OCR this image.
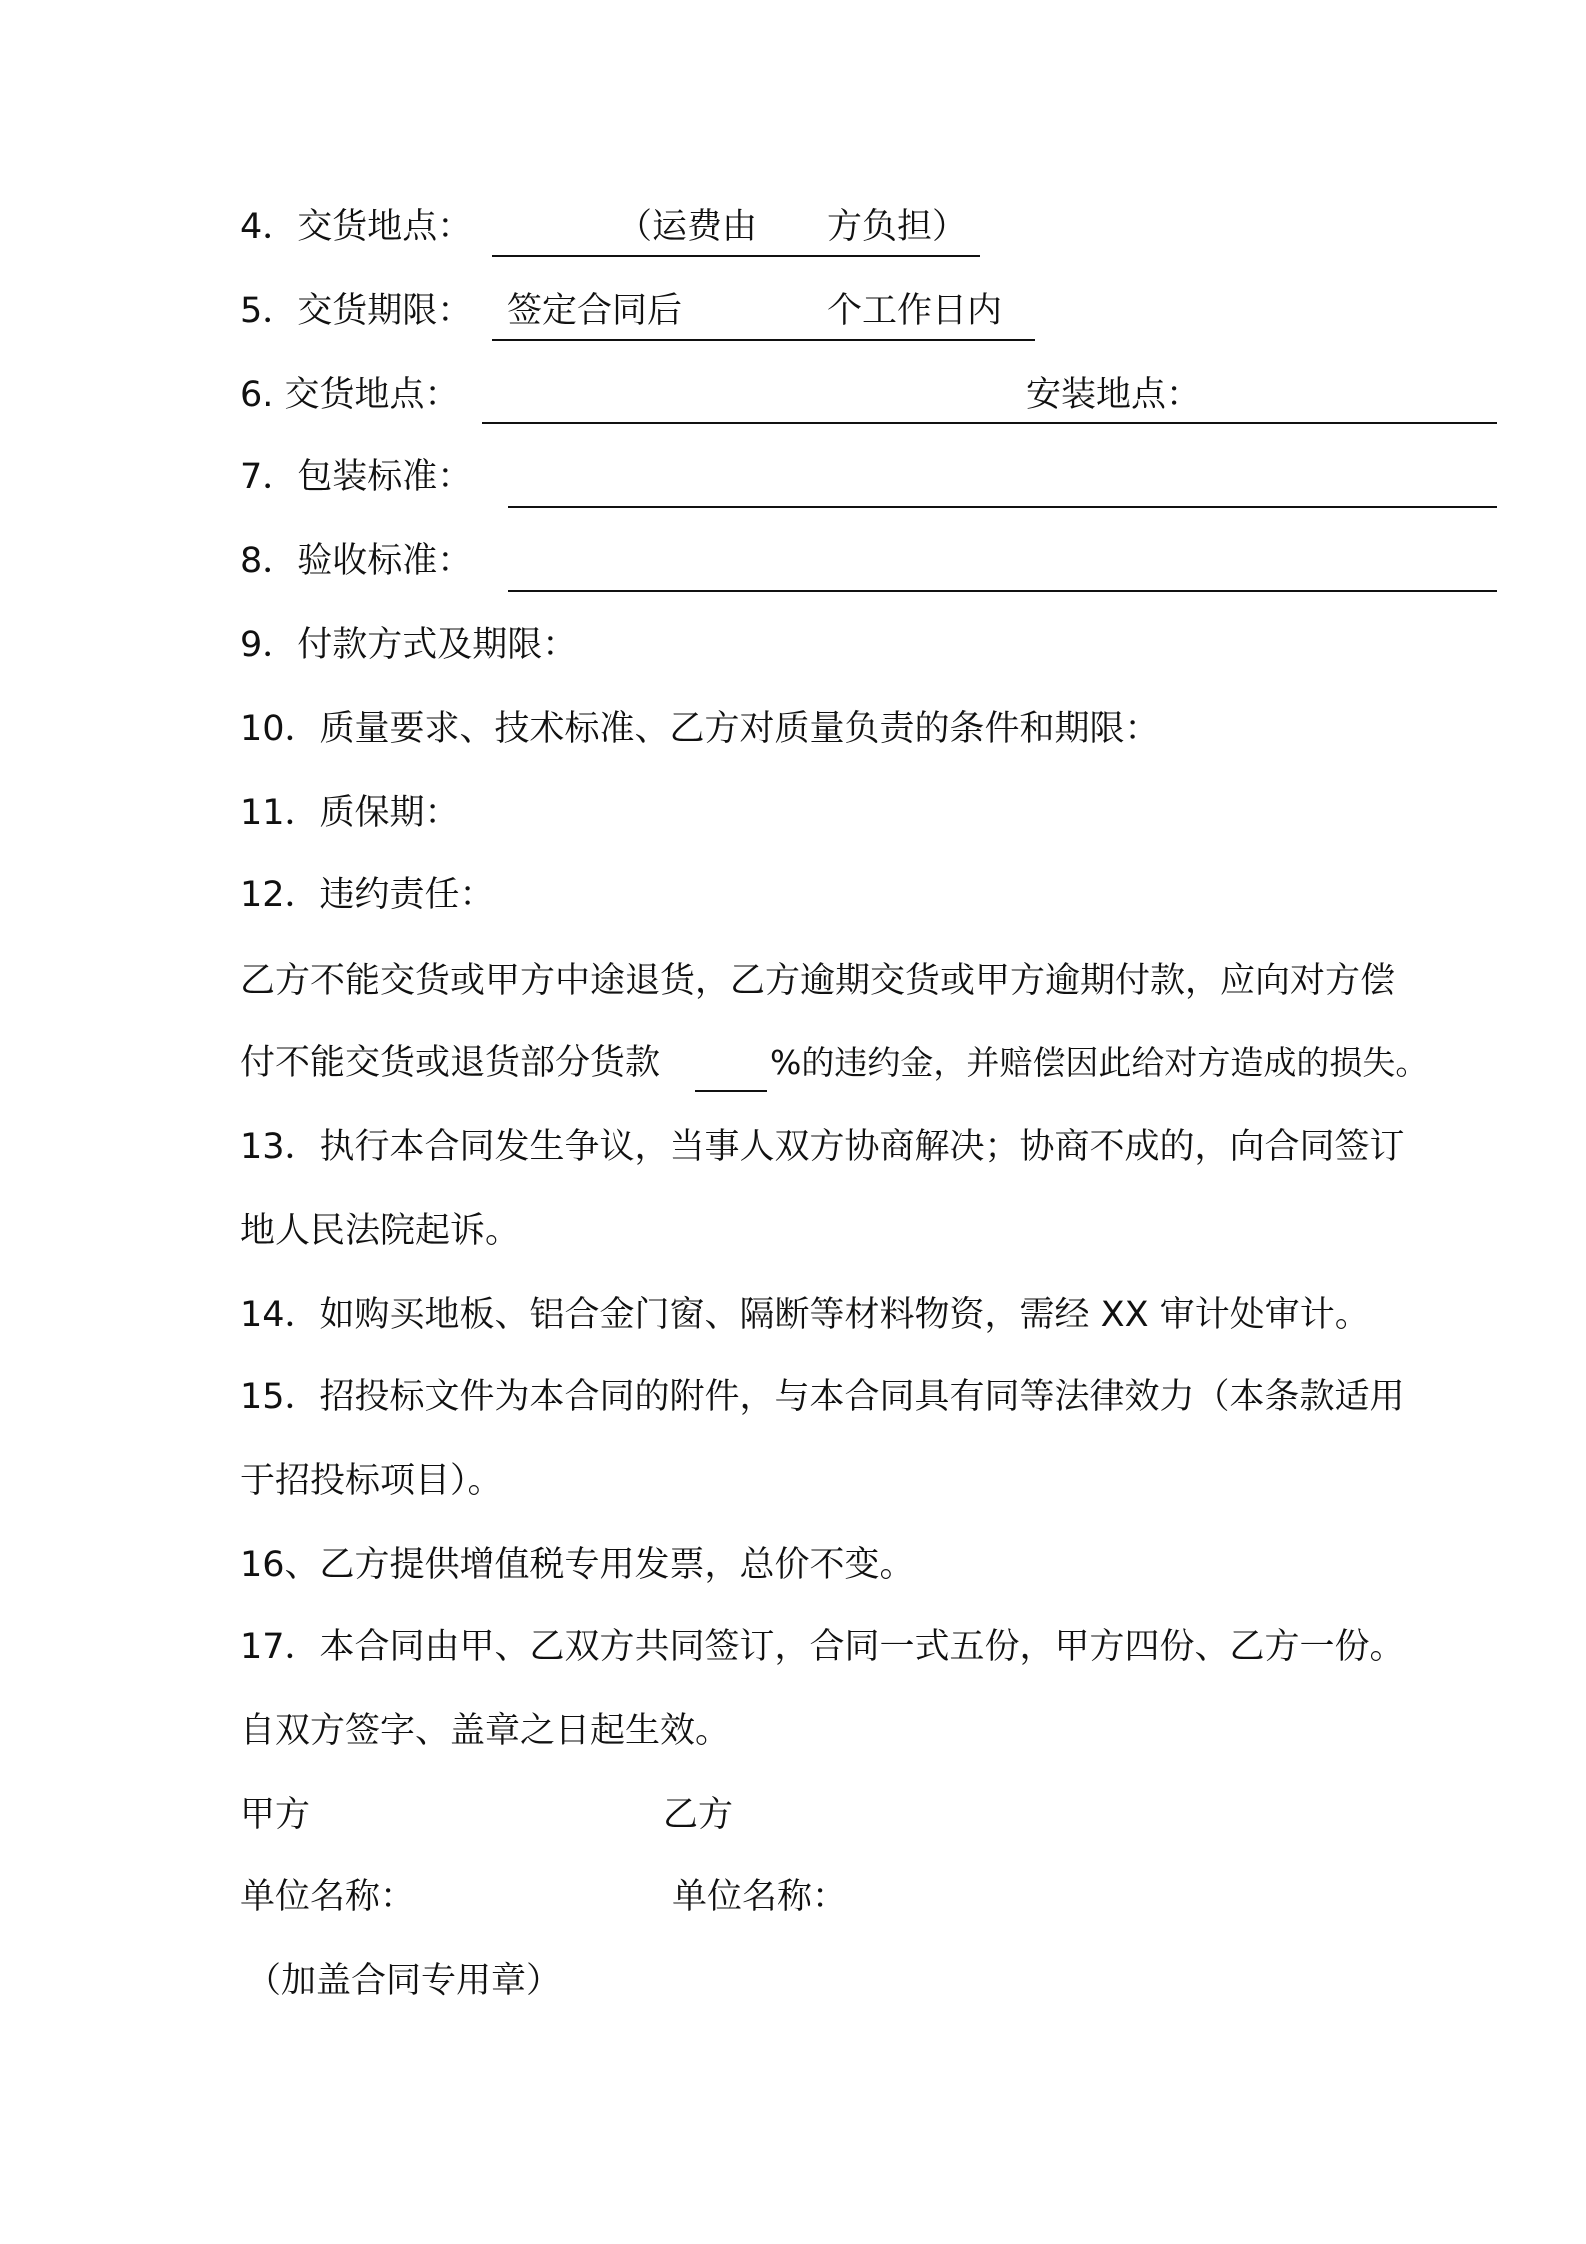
4．交货地点：	（运费由 方负担）
5．交货期限： 签定合同后	个工作日内
6. 交货地点：	安装地点：
7．包装标准：
8．验收标准：
9．付款方式及期限：
10．质量要求、技术标准、乙方对质量负责的条件和期限：
11．质保期：
12．违约责任：
乙方不能交货或甲方中途退货，乙方逾期交货或甲方逾期付款，应向对方偿
付不能交货或退货部分货款	%的违约金，并赔偿因此给对方造成的损失。
13．执行本合同发生争议，当事人双方协商解决；协商不成的，向合同签订
地人民法院起诉。
14．如购买地板、铝合金门窗、隔断等材料物资，需经 XX 审计处审计。
15．招投标文件为本合同的附件，与本合同具有同等法律效力（本条款适用
于招投标项目）。
16、乙方提供增值税专用发票，总价不变。
17．本合同由甲、乙双方共同签订，合同一式五份，甲方四份、乙方一份。
自双方签字、盖章之日起生效。
甲方	乙方
单位名称：	单位名称：
（加盖合同专用章）
